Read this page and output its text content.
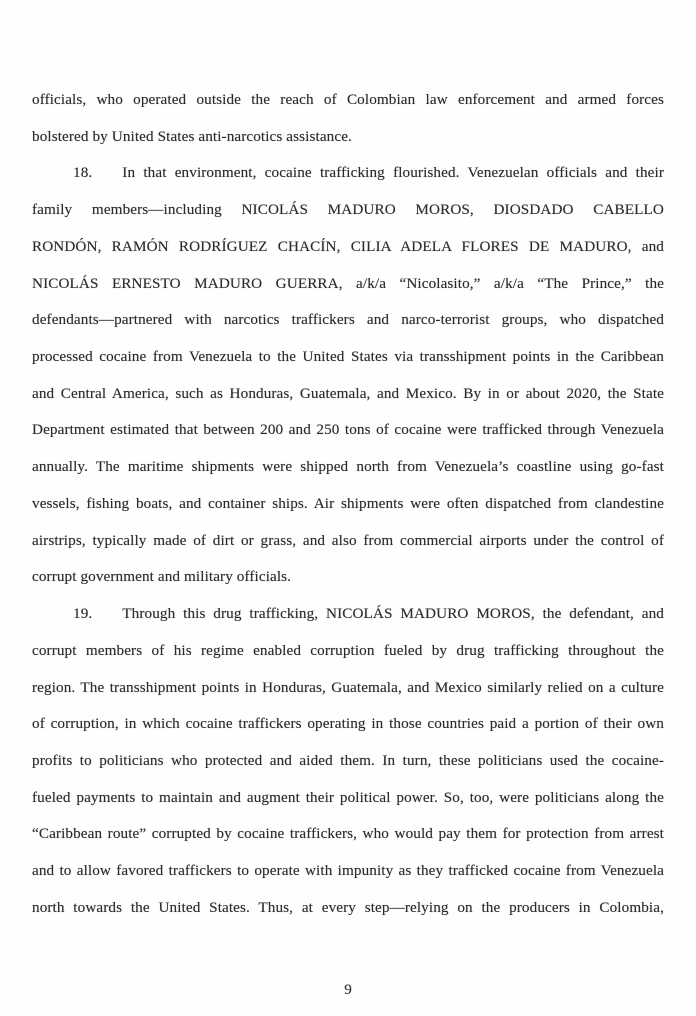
officials, who operated outside the reach of Colombian law enforcement and armed forces
bolstered by United States anti-narcotics assistance.
18. In that environment, cocaine trafficking flourished. Venezuelan officials and their
family members—including NICOLÁS MADURO MOROS, DIOSDADO CABELLO
RONDÓN, RAMÓN RODRÍGUEZ CHACÍN, CILIA ADELA FLORES DE MADURO, and
NICOLÁS ERNESTO MADURO GUERRA, a/k/a “Nicolasito,” a/k/a “The Prince,” the
defendants—partnered with narcotics traffickers and narco-terrorist groups, who dispatched
processed cocaine from Venezuela to the United States via transshipment points in the Caribbean
and Central America, such as Honduras, Guatemala, and Mexico. By in or about 2020, the State
Department estimated that between 200 and 250 tons of cocaine were trafficked through Venezuela
annually. The maritime shipments were shipped north from Venezuela’s coastline using go-fast
vessels, fishing boats, and container ships. Air shipments were often dispatched from clandestine
airstrips, typically made of dirt or grass, and also from commercial airports under the control of
corrupt government and military officials.
19. Through this drug trafficking, NICOLÁS MADURO MOROS, the defendant, and
corrupt members of his regime enabled corruption fueled by drug trafficking throughout the
region. The transshipment points in Honduras, Guatemala, and Mexico similarly relied on a culture
of corruption, in which cocaine traffickers operating in those countries paid a portion of their own
profits to politicians who protected and aided them. In turn, these politicians used the cocaine-
fueled payments to maintain and augment their political power. So, too, were politicians along the
“Caribbean route” corrupted by cocaine traffickers, who would pay them for protection from arrest
and to allow favored traffickers to operate with impunity as they trafficked cocaine from Venezuela
north towards the United States. Thus, at every step—relying on the producers in Colombia,
9
